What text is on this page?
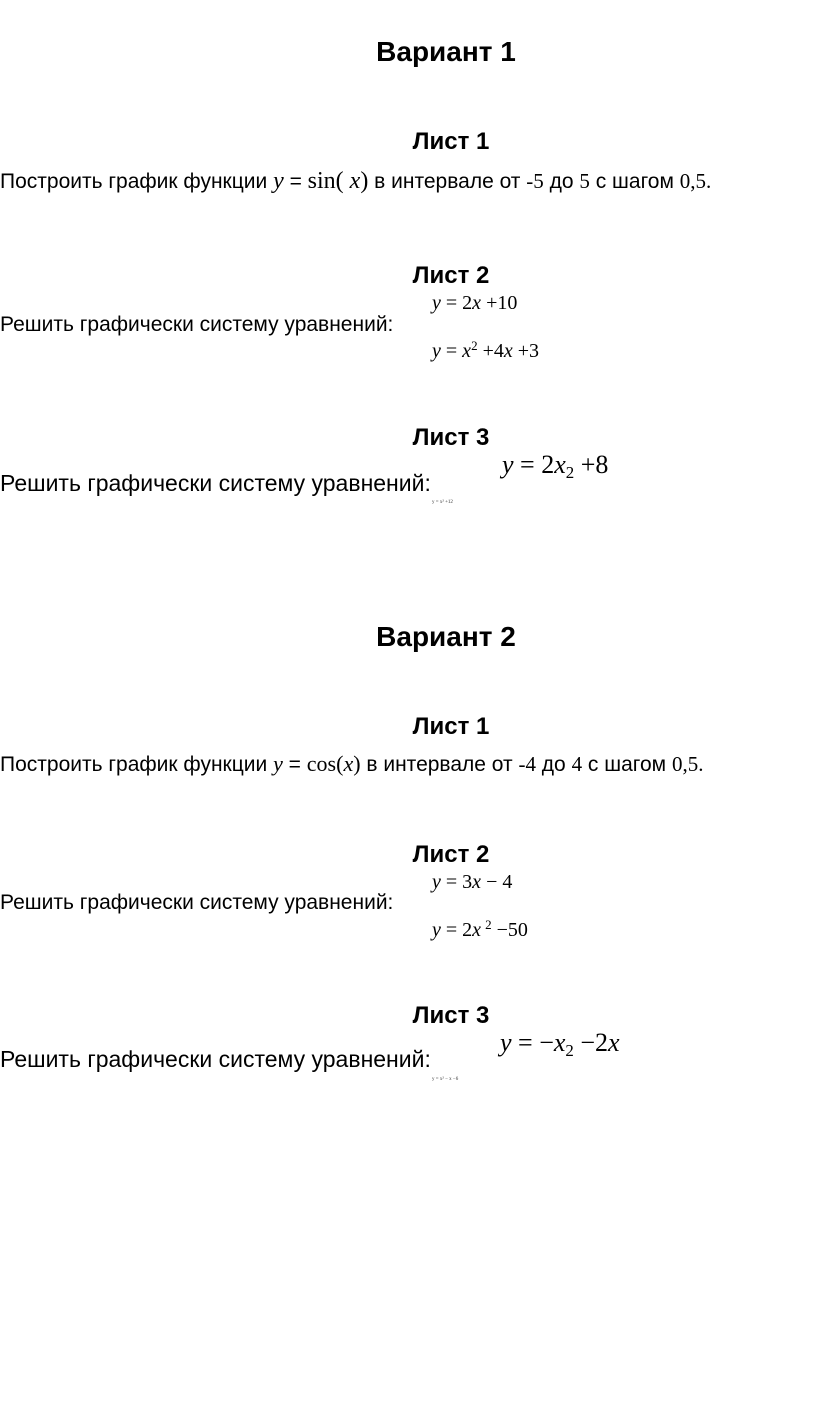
Вариант 1
Лист 1
Построить график функции y = sin( x) в интервале от -5 до 5 с шагом 0,5.
Лист 2
y = 2x +10
Решить графически систему уравнений:
$y = x^2 +4x +3$
Лист 3
$y = 2x_2 +8$
Решить графически систему уравнений:
y = x² +12
Вариант 2
Лист 1
Построить график функции y = cos(x) в интервале от -4 до 4 с шагом 0,5.
Лист 2
y = 3x − 4
Решить графически систему уравнений:
y = 2x $^2$ −50
Лист 3
$y = -x_2 -2x$
Решить графически систему уравнений:
y = x² − x −6
